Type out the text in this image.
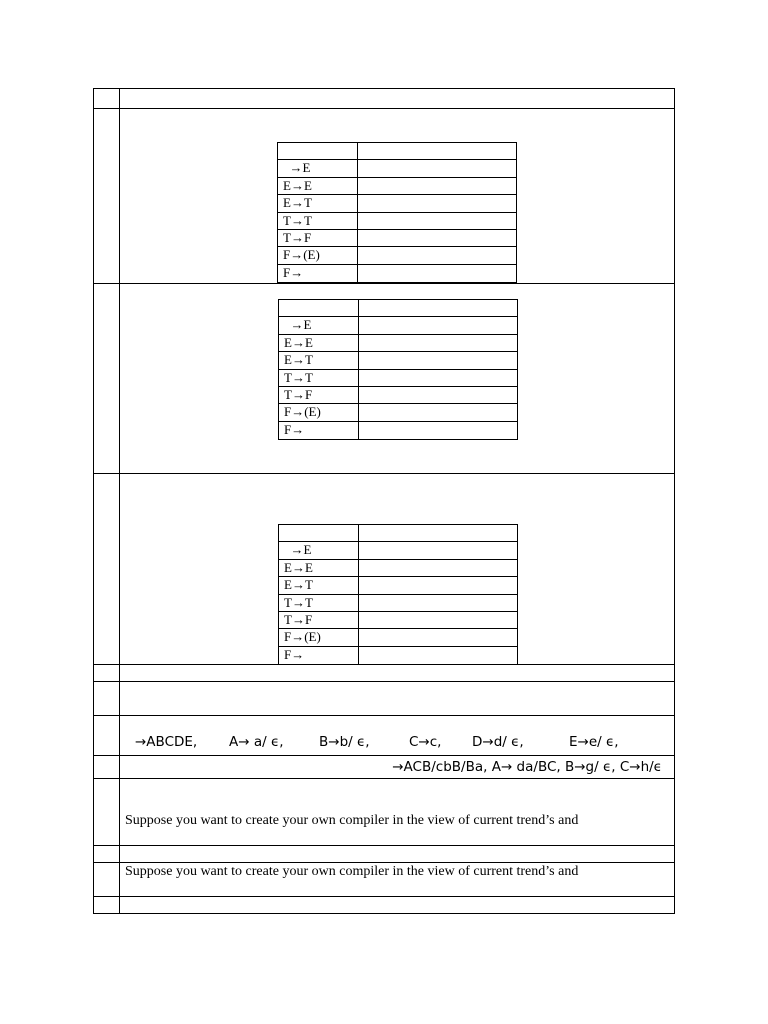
→E
E→E
E→T
T→T
T→F
F→(E)
F→
→E
E→E
E→T
T→T
T→F
F→(E)
F→
→E
E→E
E→T
T→T
T→F
F→(E)
F→
→ABCDE, A→ a/ ϵ,	B→b/ ϵ,	C→c, D→d/ ϵ,	E→e/ ϵ,
→ACB/cbB/Ba, A→ da/BC, B→g/ ϵ, C→h/ϵ
Suppose you want to create your own compiler in the view of current trend’s and
Suppose you want to create your own compiler in the view of current trend’s and
